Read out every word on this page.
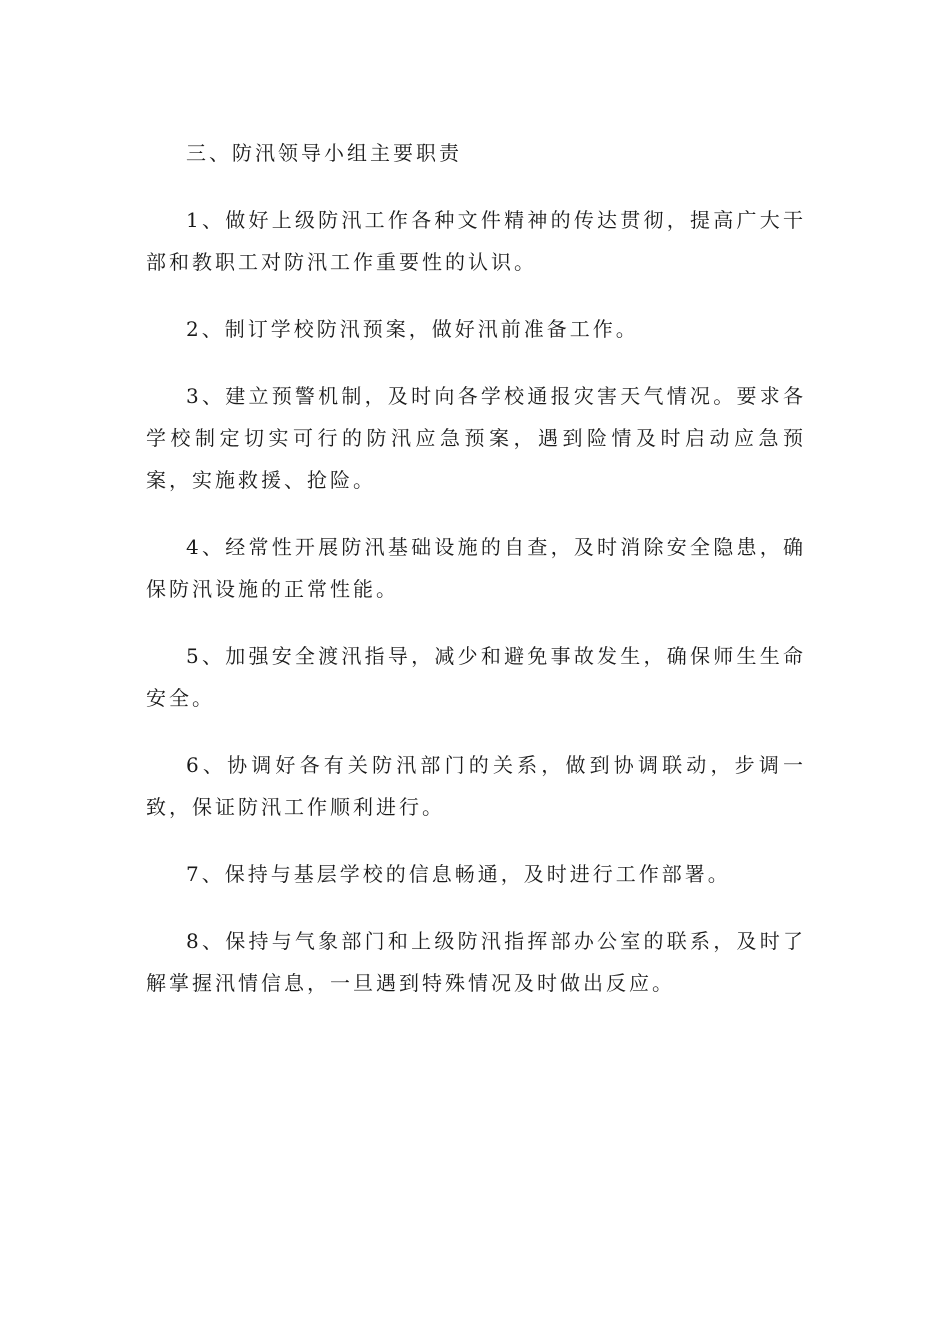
三、防汛领导小组主要职责

1、做好上级防汛工作各种文件精神的传达贯彻，提高广大干部和教职工对防汛工作重要性的认识。

2、制订学校防汛预案，做好汛前准备工作。

3、建立预警机制，及时向各学校通报灾害天气情况。要求各学校制定切实可行的防汛应急预案，遇到险情及时启动应急预案，实施救援、抢险。

4、经常性开展防汛基础设施的自查，及时消除安全隐患，确保防汛设施的正常性能。

5、加强安全渡汛指导，减少和避免事故发生，确保师生生命安全。

6、协调好各有关防汛部门的关系，做到协调联动，步调一致，保证防汛工作顺利进行。

7、保持与基层学校的信息畅通，及时进行工作部署。

8、保持与气象部门和上级防汛指挥部办公室的联系，及时了解掌握汛情信息，一旦遇到特殊情况及时做出反应。
